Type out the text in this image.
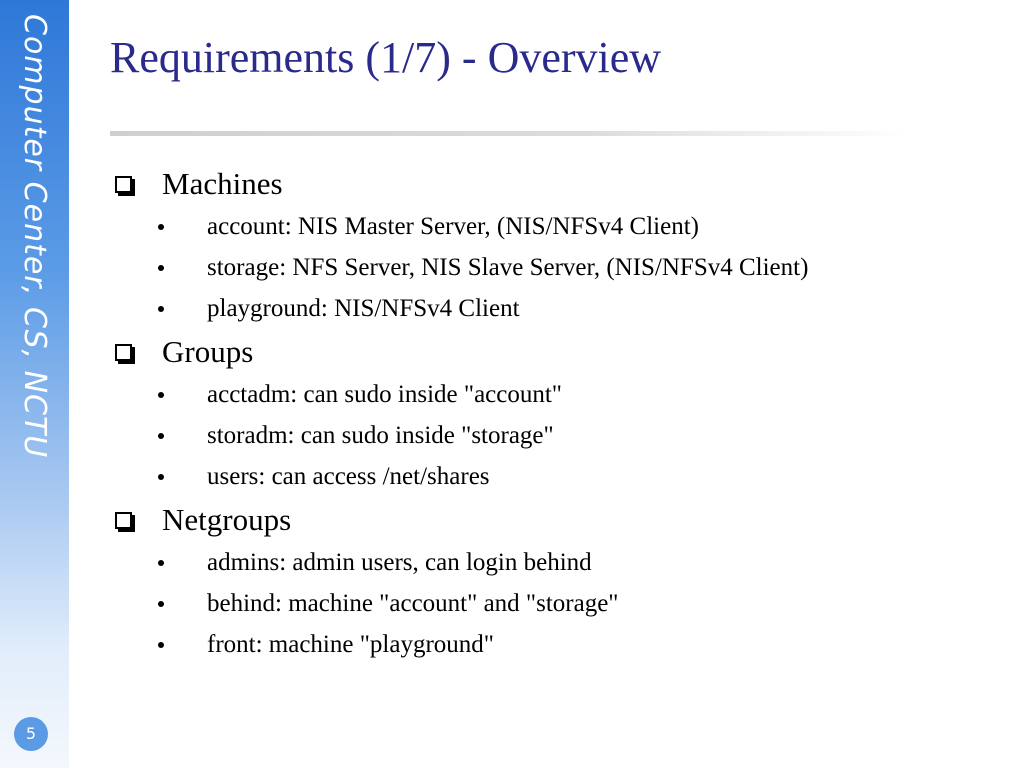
Computer Center, CS, NCTU
5
Requirements (1/7) - Overview
Machines
account: NIS Master Server, (NIS/NFSv4 Client)
storage: NFS Server, NIS Slave Server, (NIS/NFSv4 Client)
playground: NIS/NFSv4 Client
Groups
acctadm: can sudo inside "account"
storadm: can sudo inside "storage"
users: can access /net/shares
Netgroups
admins: admin users, can login behind
behind: machine "account" and "storage"
front: machine "playground"
